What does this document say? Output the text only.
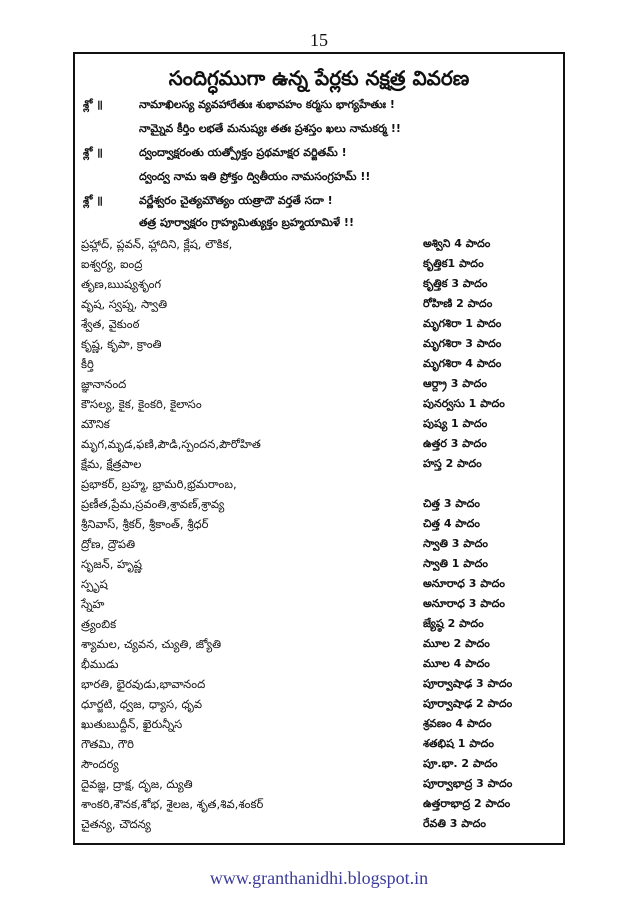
15
సందిగ్ధముగా ఉన్న పేర్లకు నక్షత్ర వివరణ
శ్లో ॥	నామాఖిలస్య వ్యవహారేతుః శుభావహం కర్మసు భాగ్యహేతుః !
నామ్నైవ కీర్తిం లభతే మనుష్యః తతః ప్రశస్తం ఖలు నామకర్మ !!
శ్లో ॥	ద్వంద్వాక్షరంతు యత్ప్రోక్తం ప్రథమాక్షర వర్జితమ్ !
ద్వంద్వ నామ ఇతి ప్రోక్తం ద్వితీయం నామసంగ్రహమ్ !!
శ్లో ॥	వర్ణేశ్వరం చైత్యమౌత్యం యత్రాదౌ వర్తతే సదా !
తత్ర పూర్వాక్షరం గ్రాహ్యమిత్యుక్తం బ్రహ్మయామిళే !!
ప్రహ్లాద్, ప్లవన్, హ్లాదిని, క్లేష, లౌకిక,	అశ్విని 4 పాదం
ఐశ్వర్య, ఐంద్ర	కృత్తిక1 పాదం
తృణ,ఋష్యశృంగ	కృత్తిక 3 పాదం
వృష, స్వప్న, స్వాతి	రోహిణి 2 పాదం
శ్వేత, వైకుంఠ	మృగశిరా 1 పాదం
కృష్ణ, కృపా, క్రాంతి	మృగశిరా 3 పాదం
కీర్తి	మృగశిరా 4 పాదం
జ్ఞానానంద	ఆర్ద్రా 3 పాదం
కౌసల్య, కైక, కైంకరి, కైలాసం	పునర్వసు 1 పాదం
మౌనిక	పుష్య 1 పాదం
మృగ,మృడ,ఫణి,పౌడి,స్పందన,పౌరోహిత	ఉత్తర 3 పాదం
క్షేమ, క్షేత్రపాల	హస్త 2 పాదం
ప్రభాకర్, బ్రహ్మ, భ్రామరి,భ్రమరాంబ,
ప్రణీత,ప్రేమ,స్రవంతి,శ్రావణ్,శ్రావ్య	చిత్త 3 పాదం
శ్రీనివాస్, శ్రీకర్, శ్రీకాంత్, శ్రీధర్	చిత్త 4 పాదం
ద్రోణ, ద్రౌపతి	స్వాతి 3 పాదం
సృజన్, హృష్ణ	స్వాతి 1 పాదం
స్పృష	అనూరాధ 3 పాదం
స్నేహ	అనూరాధ 3 పాదం
త్ర్యంబిక	జ్యేష్ఠ 2 పాదం
శ్యామల, చ్యవన, చ్యుతి, జ్యోతి	మూల 2 పాదం
భీముడు	మూల 4 పాదం
భారతి, భైరవుడు,భావానంద	పూర్వాషాఢ 3 పాదం
ధూర్జటి, ధ్వజ, ధ్యాస, ధృవ	పూర్వాషాఢ 2 పాదం
ఖుతుబుద్దీన్, ఖైరున్నీస	శ్రవణం 4 పాదం
గౌతమి, గౌరి	శతభిష 1 పాదం
సౌందర్య	పూ.భా. 2 పాదం
దైవజ్ఞ, ద్రాక్ష, దృజ, ద్యుతి	పూర్వాభాద్ర 3 పాదం
శాంకరి,శౌనక,శోభ, శైలజ, శృత,శివ,శంకర్	ఉత్తరాభాద్ర 2 పాదం
చైతన్య, చౌదన్య	రేవతి 3 పాదం
www.granthanidhi.blogspot.in
